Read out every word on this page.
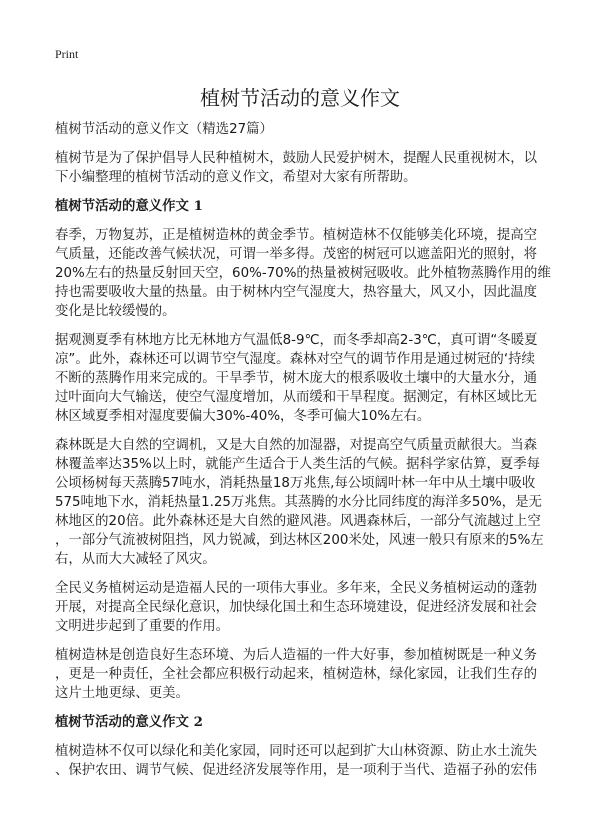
Print
植树节活动的意义作文
植树节活动的意义作文（精选27篇）
植树节是为了保护倡导人民种植树木，鼓励人民爱护树木，提醒人民重视树木，以
下小编整理的植树节活动的意义作文，希望对大家有所帮助。
植树节活动的意义作文 1
春季，万物复苏，正是植树造林的黄金季节。植树造林不仅能够美化环境，提高空
气质量，还能改善气候状况，可谓一举多得。茂密的树冠可以遮盖阳光的照射，将
20%左右的热量反射回天空，60%-70%的热量被树冠吸收。此外植物蒸腾作用的维
持也需要吸收大量的热量。由于树林内空气湿度大，热容量大，风又小，因此温度
变化是比较缓慢的。
据观测夏季有林地方比无林地方气温低8-9℃，而冬季却高2-3℃，真可谓“冬暖夏
凉”。此外，森林还可以调节空气湿度。森林对空气的调节作用是通过树冠的‘持续
不断的蒸腾作用来完成的。干旱季节，树木庞大的根系吸收土壤中的大量水分，通
过叶面向大气输送，使空气湿度增加，从而缓和干旱程度。据测定，有林区域比无
林区域夏季相对湿度要偏大30%-40%，冬季可偏大10%左右。
森林既是大自然的空调机，又是大自然的加湿器，对提高空气质量贡献很大。当森
林覆盖率达35%以上时，就能产生适合于人类生活的气候。据科学家估算，夏季每
公顷杨树每天蒸腾57吨水，消耗热量18万兆焦,每公顷阔叶林一年中从土壤中吸收
575吨地下水，消耗热量1.25万兆焦。其蒸腾的水分比同纬度的海洋多50%，是无
林地区的20倍。此外森林还是大自然的避风港。风遇森林后，一部分气流越过上空
，一部分气流被树阻挡，风力锐减，到达林区200米处，风速一般只有原来的5%左
右，从而大大减轻了风灾。
全民义务植树运动是造福人民的一项伟大事业。多年来，全民义务植树运动的蓬勃
开展，对提高全民绿化意识，加快绿化国土和生态环境建设，促进经济发展和社会
文明进步起到了重要的作用。
植树造林是创造良好生态环境、为后人造福的一件大好事，参加植树既是一种义务
，更是一种责任，全社会都应积极行动起来，植树造林，绿化家园，让我们生存的
这片土地更绿、更美。
植树节活动的意义作文 2
植树造林不仅可以绿化和美化家园，同时还可以起到扩大山林资源、防止水土流失
、保护农田、调节气候、促进经济发展等作用，是一项利于当代、造福子孙的宏伟
